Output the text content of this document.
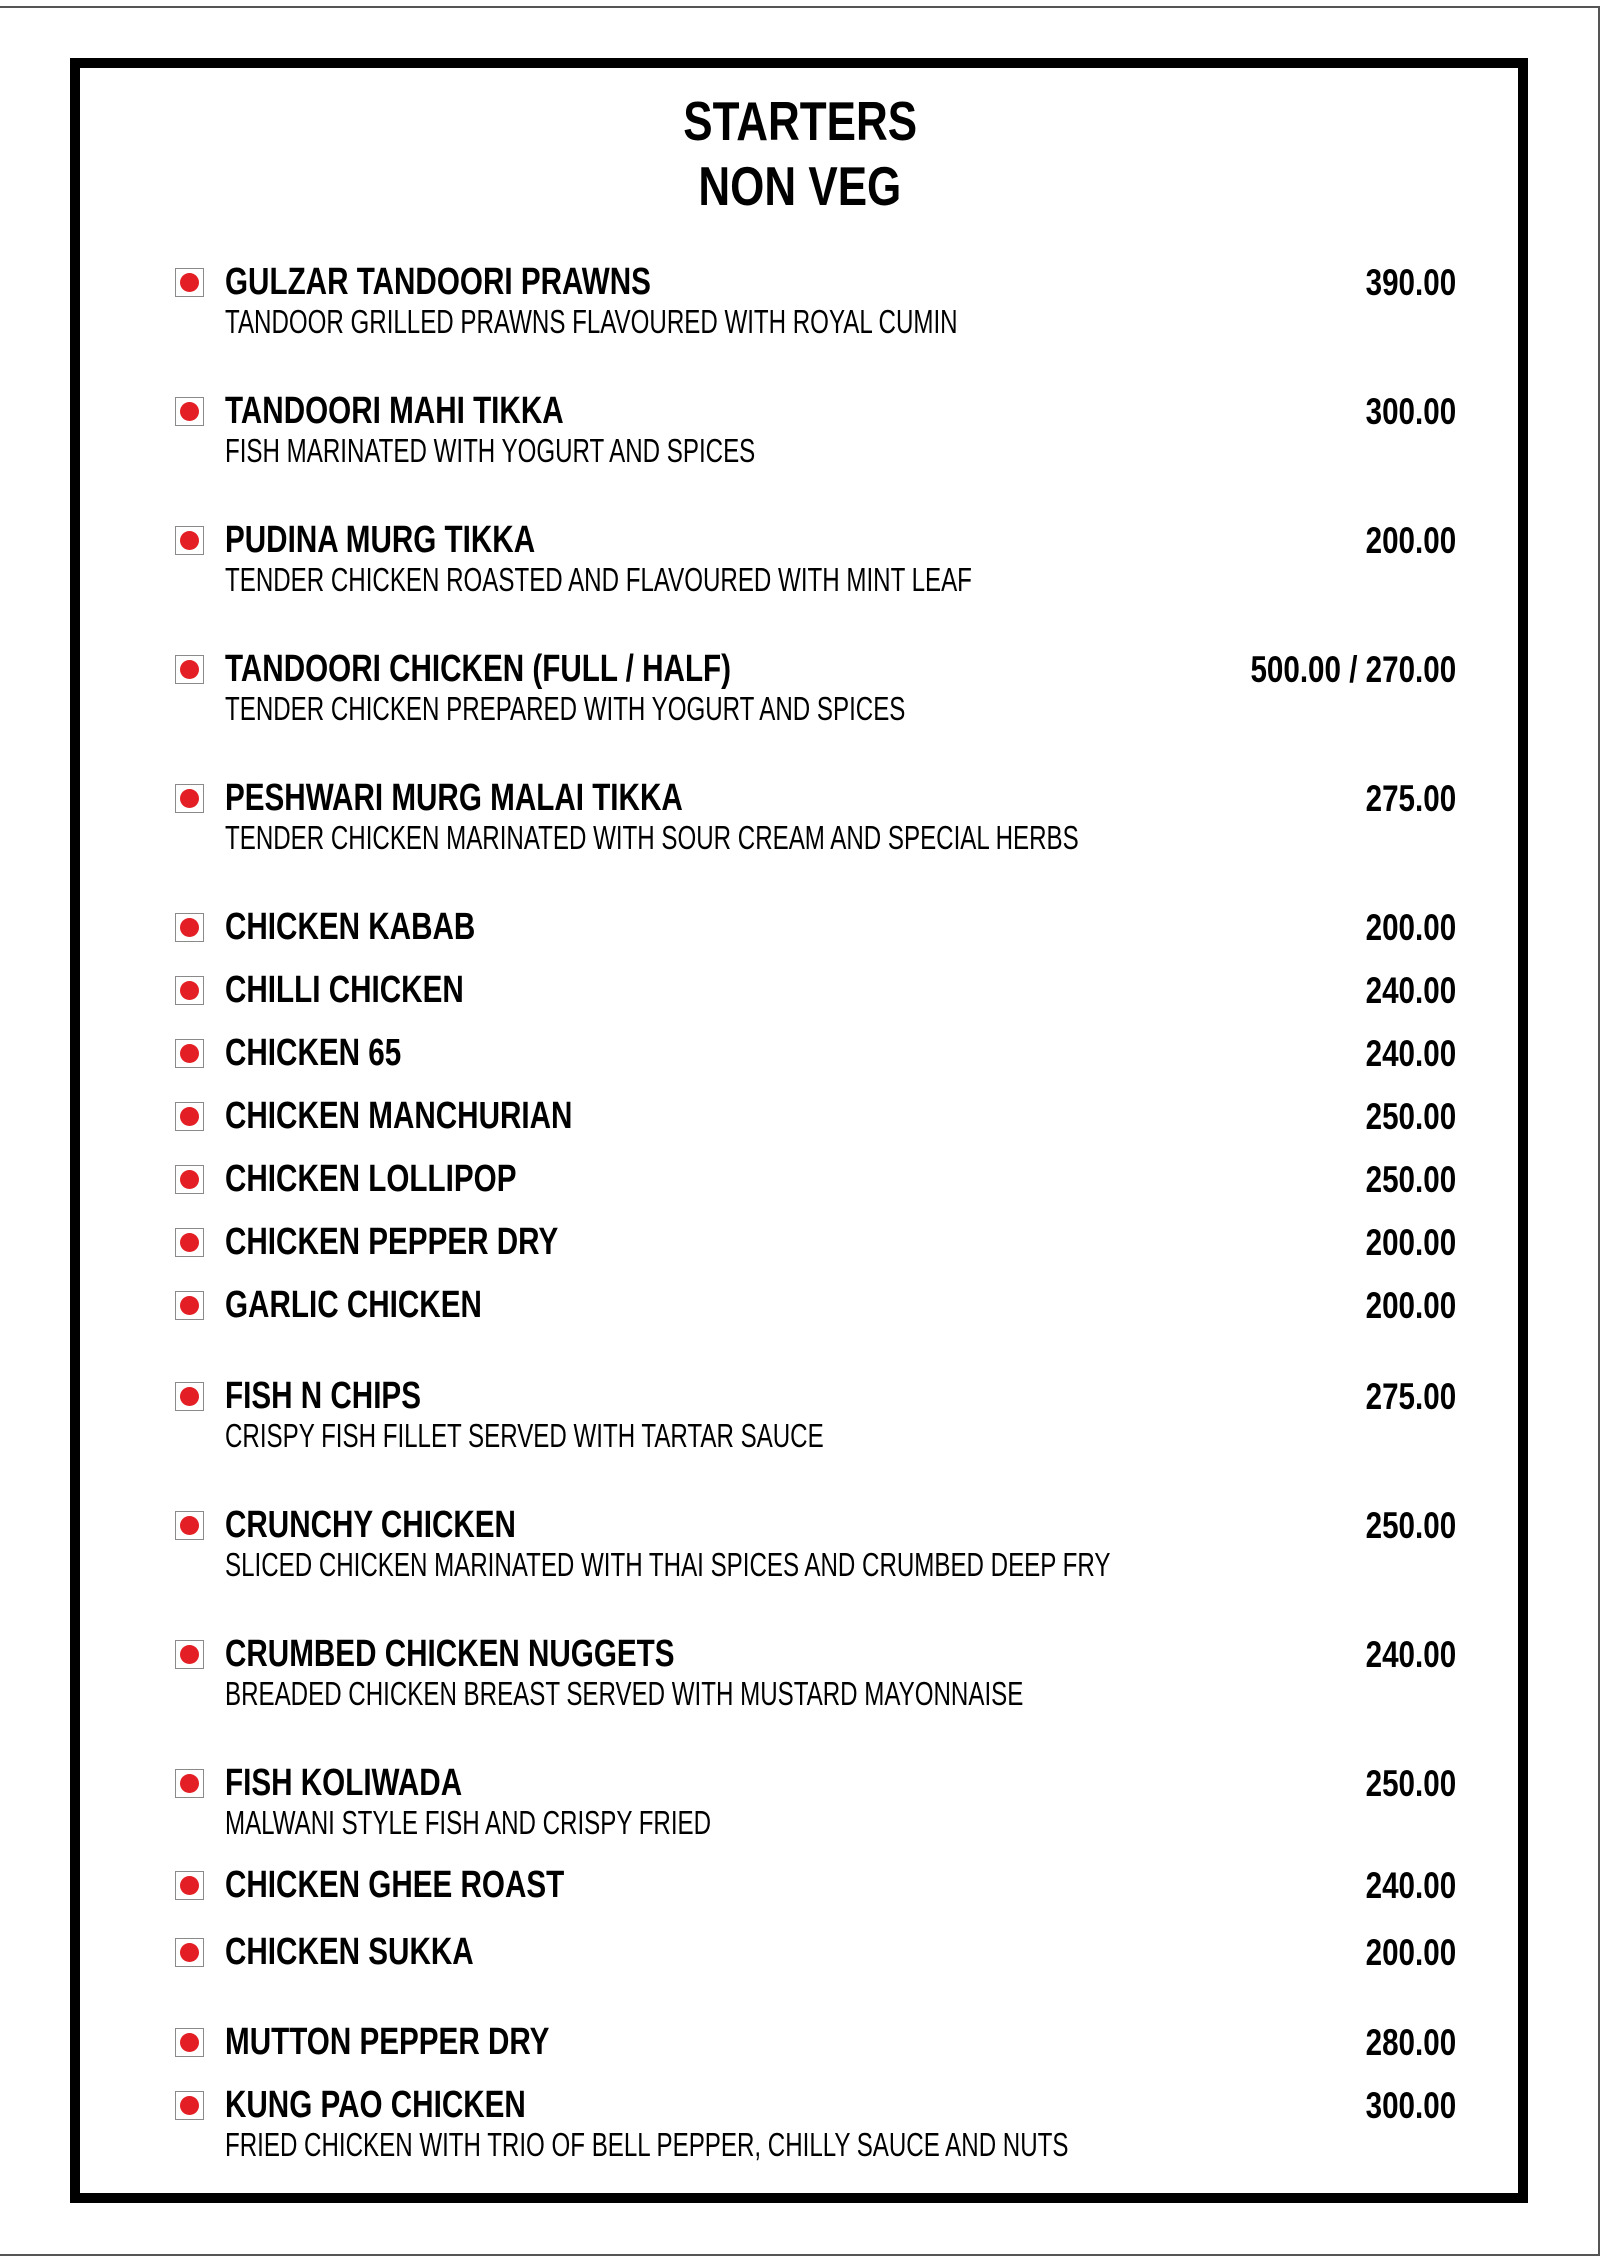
STARTERS
NON VEG
GULZAR TANDOORI PRAWNS	390.00
TANDOOR GRILLED PRAWNS FLAVOURED WITH ROYAL CUMIN
TANDOORI MAHI TIKKA	300.00
FISH MARINATED WITH YOGURT AND SPICES
PUDINA MURG TIKKA	200.00
TENDER CHICKEN ROASTED AND FLAVOURED WITH MINT LEAF
TANDOORI CHICKEN (FULL / HALF)	500.00 / 270.00
TENDER CHICKEN PREPARED WITH YOGURT AND SPICES
PESHWARI MURG MALAI TIKKA	275.00
TENDER CHICKEN MARINATED WITH SOUR CREAM AND SPECIAL HERBS
CHICKEN KABAB	200.00
CHILLI CHICKEN	240.00
CHICKEN 65	240.00
CHICKEN MANCHURIAN	250.00
CHICKEN LOLLIPOP	250.00
CHICKEN PEPPER DRY	200.00
GARLIC CHICKEN	200.00
FISH N CHIPS	275.00
CRISPY FISH FILLET SERVED WITH TARTAR SAUCE
CRUNCHY CHICKEN	250.00
SLICED CHICKEN MARINATED WITH THAI SPICES AND CRUMBED DEEP FRY
CRUMBED CHICKEN NUGGETS	240.00
BREADED CHICKEN BREAST SERVED WITH MUSTARD MAYONNAISE
FISH KOLIWADA	250.00
MALWANI STYLE FISH AND CRISPY FRIED
CHICKEN GHEE ROAST	240.00
CHICKEN SUKKA	200.00
MUTTON PEPPER DRY	280.00
KUNG PAO CHICKEN	300.00
FRIED CHICKEN WITH TRIO OF BELL PEPPER, CHILLY SAUCE AND NUTS
